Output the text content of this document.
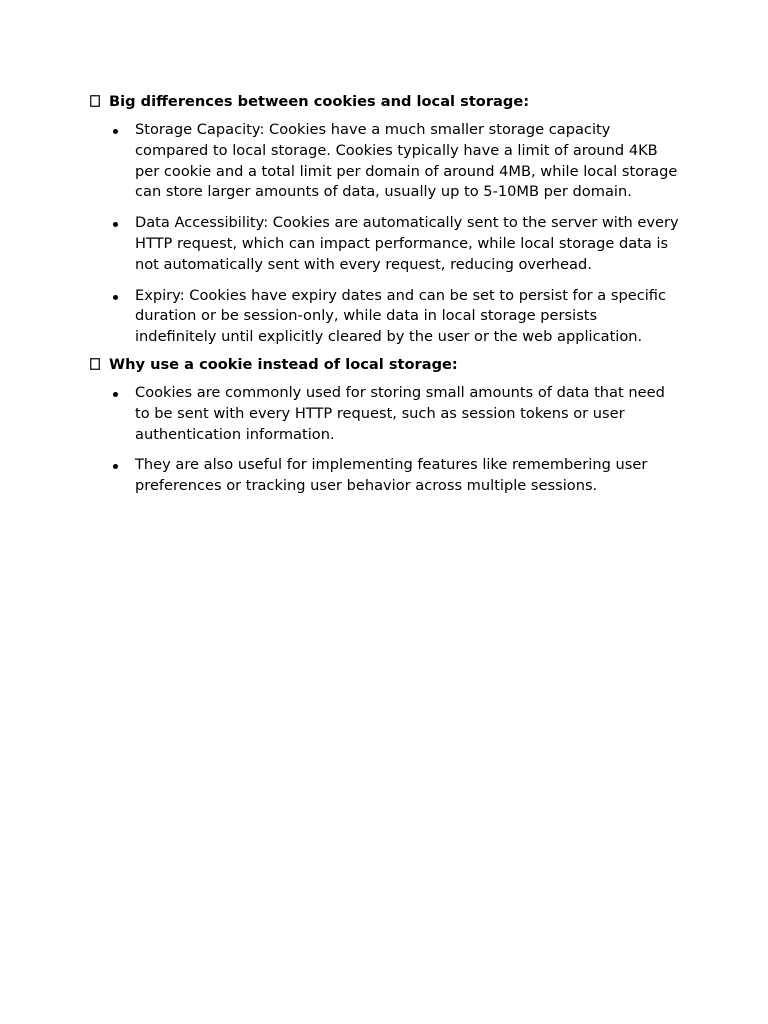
Big differences between cookies and local storage:
Storage Capacity: Cookies have a much smaller storage capacity compared to local storage. Cookies typically have a limit of around 4KB per cookie and a total limit per domain of around 4MB, while local storage can store larger amounts of data, usually up to 5-10MB per domain.
Data Accessibility: Cookies are automatically sent to the server with every HTTP request, which can impact performance, while local storage data is not automatically sent with every request, reducing overhead.
Expiry: Cookies have expiry dates and can be set to persist for a specific duration or be session-only, while data in local storage persists indefinitely until explicitly cleared by the user or the web application.
Why use a cookie instead of local storage:
Cookies are commonly used for storing small amounts of data that need to be sent with every HTTP request, such as session tokens or user authentication information.
They are also useful for implementing features like remembering user preferences or tracking user behavior across multiple sessions.
